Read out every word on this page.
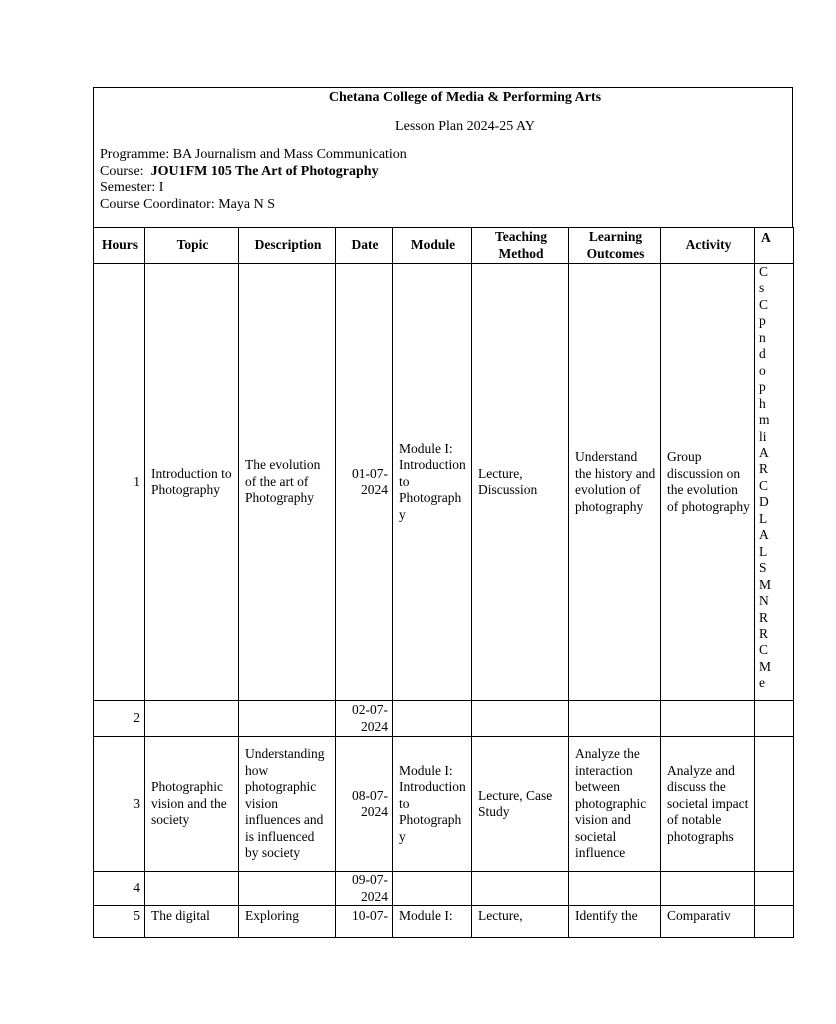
Chetana College of Media & Performing Arts
Lesson Plan 2024-25 AY
Programme: BA Journalism and Mass Communication
Course:  JOU1FM 105 The Art of Photography
Semester: I
Course Coordinator: Maya N S
Hours	Topic	Description	Date	Module	Teaching Method	Learning Outcomes	Activity	A
1	Introduction to Photography	The evolution of the art of Photography	01-07-2024	Module I: Introduction to Photography	Lecture, Discussion	Understand the history and evolution of photography	Group discussion on the evolution of photography	C s C p n d o p h m li A R C D L A L S M N R R C M e

2			02-07-2024					
3	Photographic vision and the society	Understanding how photographic vision influences and is influenced by society	08-07-2024	Module I: Introduction to Photography	Lecture, Case Study	Analyze the interaction between photographic vision and societal influence	Analyze and discuss the societal impact of notable photographs	
4			09-07-2024					
5	The digital	Exploring	10-07-	Module I:	Lecture,	Identify the	Comparativ	
